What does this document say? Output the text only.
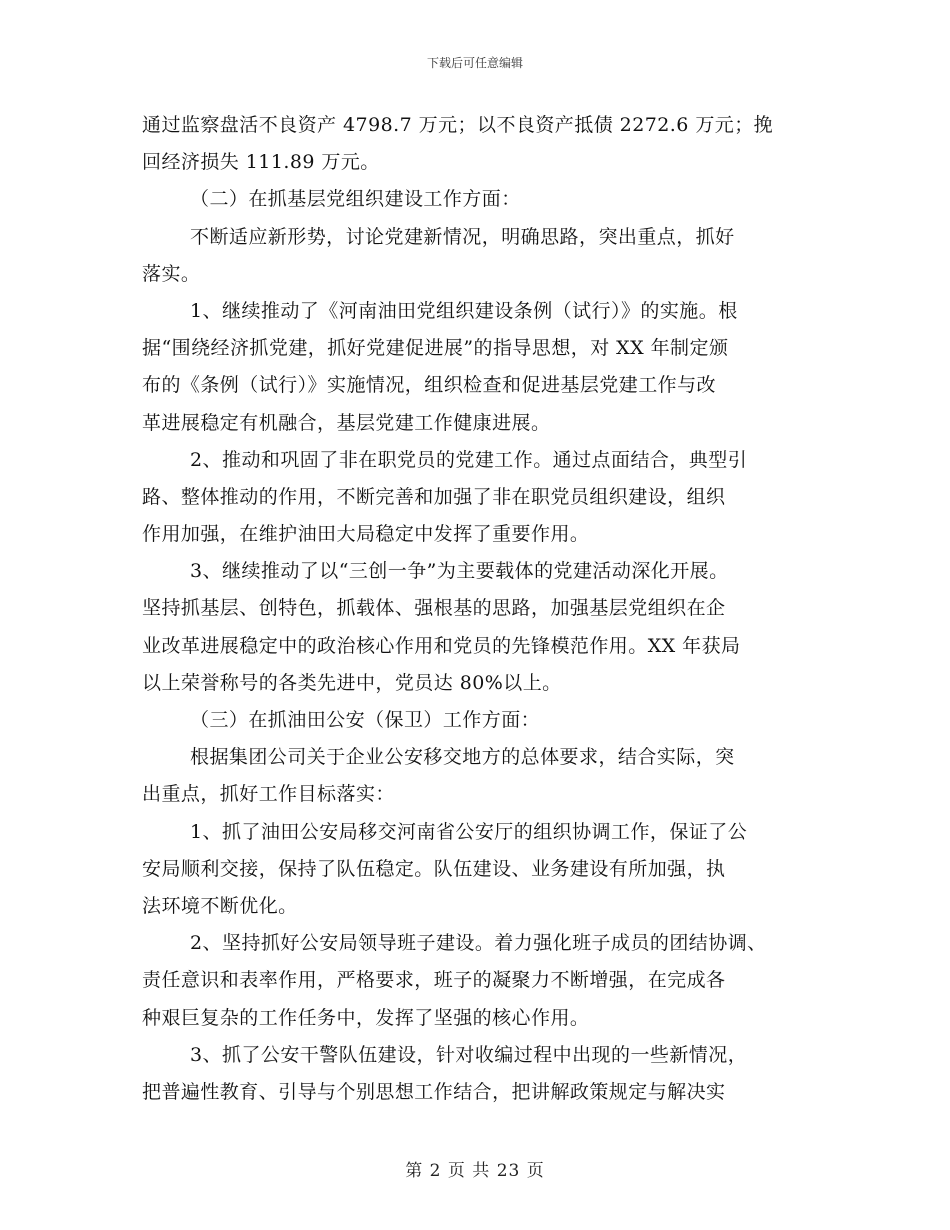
下载后可任意编辑
通过监察盘活不良资产 4798.7 万元；以不良资产抵债 2272.6 万元；挽
回经济损失 111.89 万元。
（二）在抓基层党组织建设工作方面：
不断适应新形势，讨论党建新情况，明确思路，突出重点，抓好
落实。
1、继续推动了《河南油田党组织建设条例（试行）》的实施。根
据“围绕经济抓党建，抓好党建促进展”的指导思想，对 XX 年制定颁
布的《条例（试行）》实施情况，组织检查和促进基层党建工作与改
革进展稳定有机融合，基层党建工作健康进展。
2、推动和巩固了非在职党员的党建工作。通过点面结合，典型引
路、整体推动的作用，不断完善和加强了非在职党员组织建设，组织
作用加强，在维护油田大局稳定中发挥了重要作用。
3、继续推动了以“三创一争”为主要载体的党建活动深化开展。
坚持抓基层、创特色，抓载体、强根基的思路，加强基层党组织在企
业改革进展稳定中的政治核心作用和党员的先锋模范作用。XX 年获局
以上荣誉称号的各类先进中，党员达 80%以上。
（三）在抓油田公安（保卫）工作方面：
根据集团公司关于企业公安移交地方的总体要求，结合实际，突
出重点，抓好工作目标落实：
1、抓了油田公安局移交河南省公安厅的组织协调工作，保证了公
安局顺利交接，保持了队伍稳定。队伍建设、业务建设有所加强，执
法环境不断优化。
2、坚持抓好公安局领导班子建设。着力强化班子成员的团结协调、
责任意识和表率作用，严格要求，班子的凝聚力不断增强，在完成各
种艰巨复杂的工作任务中，发挥了坚强的核心作用。
3、抓了公安干警队伍建设，针对收编过程中出现的一些新情况，
把普遍性教育、引导与个别思想工作结合，把讲解政策规定与解决实
第 2 页 共 23 页
